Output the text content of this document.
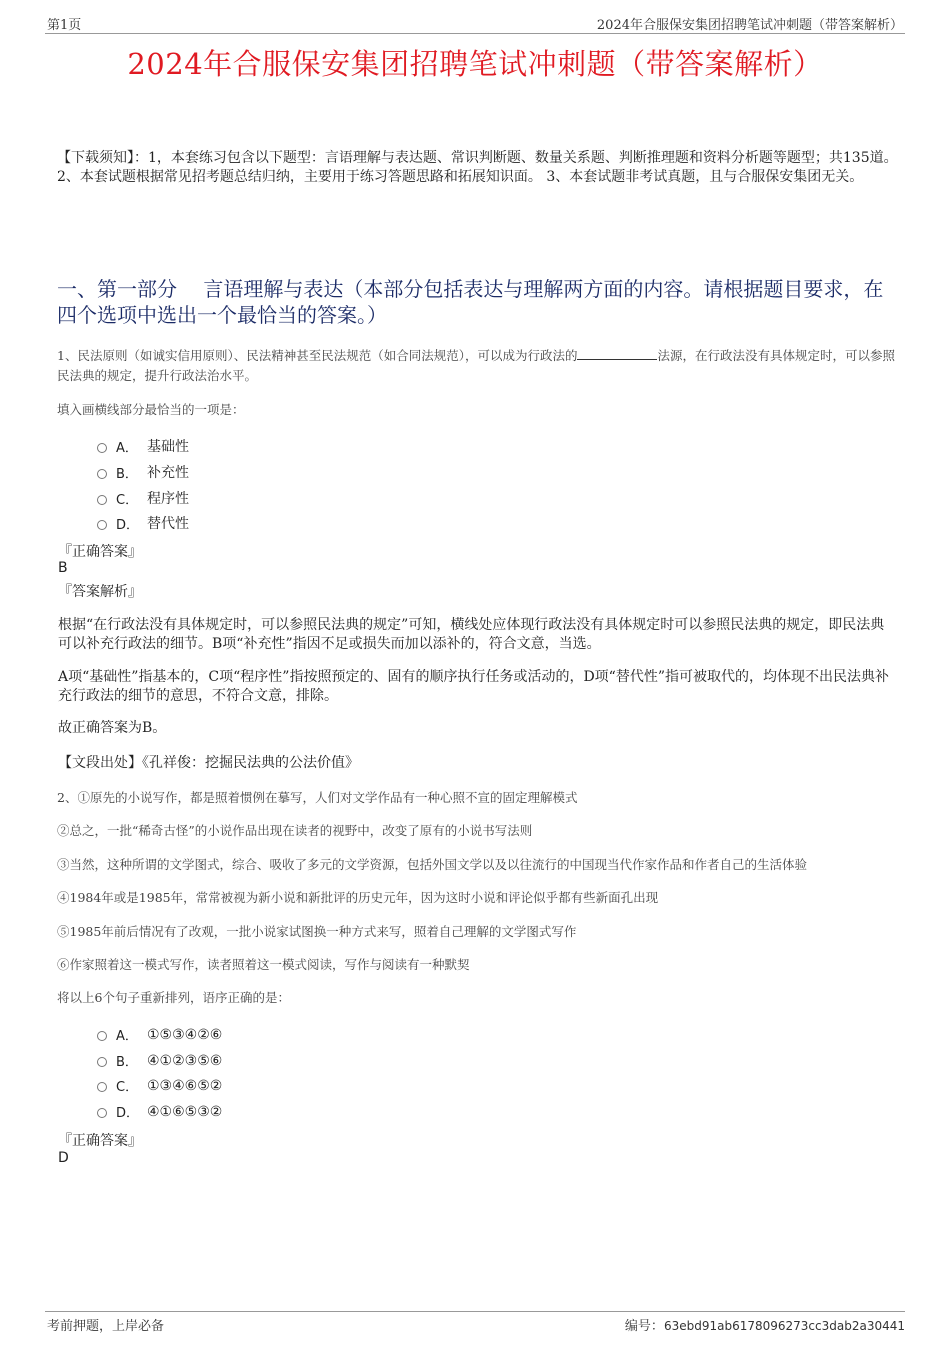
第1页	2024年合服保安集团招聘笔试冲刺题（带答案解析）
2024年合服保安集团招聘笔试冲刺题（带答案解析）
【下载须知】：1，本套练习包含以下题型：言语理解与表达题、常识判断题、数量关系题、判断推理题和资料分析题等题型；共135道。 2、本套试题根据常见招考题总结归纳，主要用于练习答题思路和拓展知识面。 3、本套试题非考试真题，且与合服保安集团无关。
一、第一部分　 言语理解与表达（本部分包括表达与理解两方面的内容。请根据题目要求，在四个选项中选出一个最恰当的答案。）
1、民法原则（如诚实信用原则）、民法精神甚至民法规范（如合同法规范），可以成为行政法的	法源，在行政法没有具体规定时，可以参照民法典的规定，提升行政法治水平。
填入画横线部分最恰当的一项是：
A． 基础性
B． 补充性
C． 程序性
D． 替代性
『正确答案』
B
『答案解析』
根据“在行政法没有具体规定时，可以参照民法典的规定”可知，横线处应体现行政法没有具体规定时可以参照民法典的规定，即民法典可以补充行政法的细节。B项“补充性”指因不足或损失而加以添补的，符合文意，当选。
A项“基础性”指基本的，C项“程序性”指按照预定的、固有的顺序执行任务或活动的，D项“替代性”指可被取代的，均体现不出民法典补充行政法的细节的意思，不符合文意，排除。
故正确答案为B。
【文段出处】《孔祥俊：挖掘民法典的公法价值》
2、①原先的小说写作，都是照着惯例在摹写，人们对文学作品有一种心照不宣的固定理解模式
②总之，一批“稀奇古怪”的小说作品出现在读者的视野中，改变了原有的小说书写法则
③当然，这种所谓的文学图式，综合、吸收了多元的文学资源，包括外国文学以及以往流行的中国现当代作家作品和作者自己的生活体验
④1984年或是1985年，常常被视为新小说和新批评的历史元年，因为这时小说和评论似乎都有些新面孔出现
⑤1985年前后情况有了改观，一批小说家试图换一种方式来写，照着自己理解的文学图式写作
⑥作家照着这一模式写作，读者照着这一模式阅读，写作与阅读有一种默契
将以上6个句子重新排列，语序正确的是：
A． ①⑤③④②⑥
B． ④①②③⑤⑥
C． ①③④⑥⑤②
D． ④①⑥⑤③②
『正确答案』
D
考前押题，上岸必备	编号：63ebd91ab6178096273cc3dab2a30441
